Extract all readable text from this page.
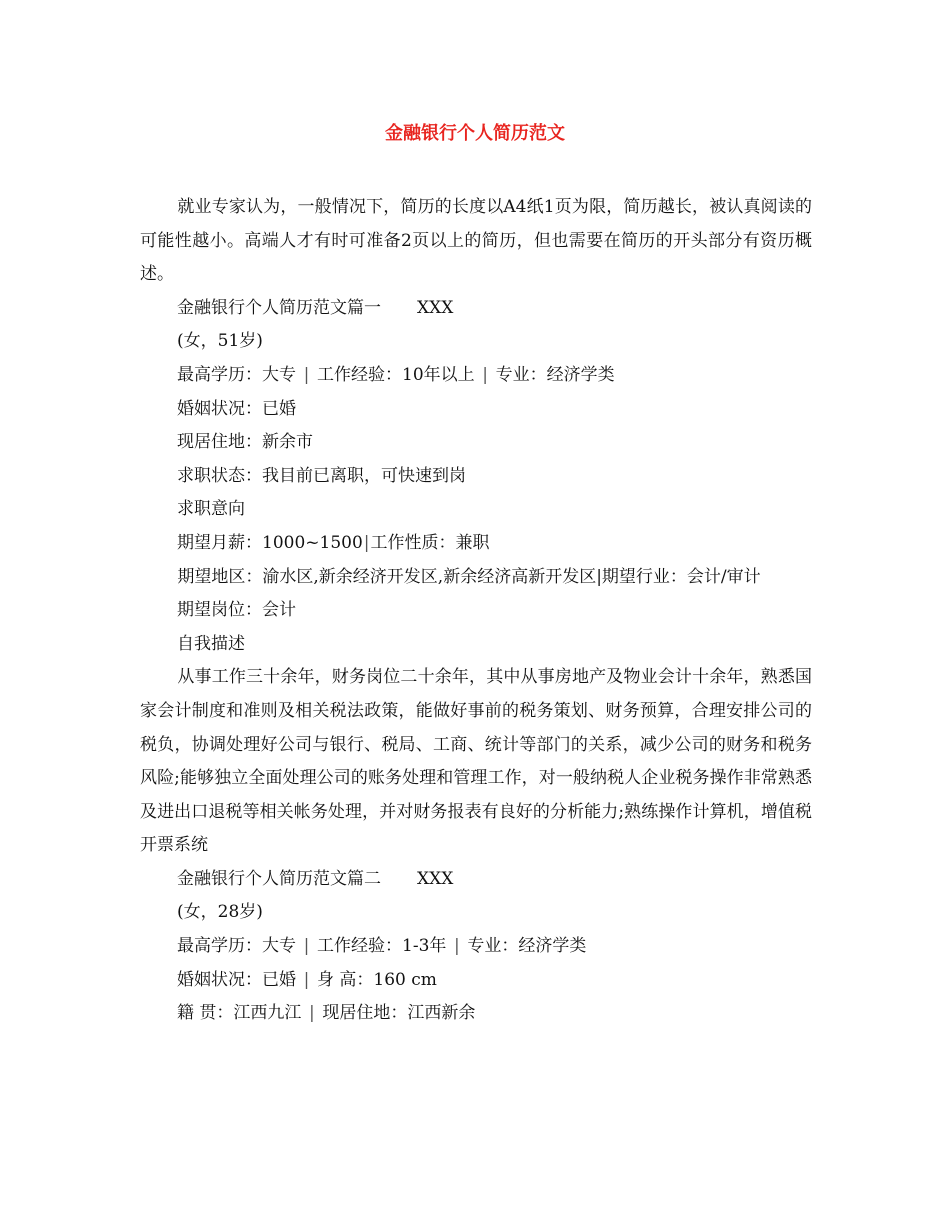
金融银行个人简历范文

就业专家认为，一般情况下，简历的长度以A4纸1页为限，简历越长，被认真阅读的可能性越小。高端人才有时可准备2页以上的简历，但也需要在简历的开头部分有资历概述。

金融银行个人简历范文篇一 XXX

(女，51岁)

最高学历：大专 | 工作经验：10年以上 | 专业：经济学类

婚姻状况：已婚

现居住地：新余市

求职状态：我目前已离职，可快速到岗

求职意向

期望月薪：1000~1500|工作性质：兼职

期望地区：渝水区,新余经济开发区,新余经济高新开发区|期望行业：会计/审计

期望岗位：会计

自我描述

从事工作三十余年，财务岗位二十余年，其中从事房地产及物业会计十余年，熟悉国家会计制度和准则及相关税法政策，能做好事前的税务策划、财务预算，合理安排公司的税负，协调处理好公司与银行、税局、工商、统计等部门的关系，减少公司的财务和税务风险;能够独立全面处理公司的账务处理和管理工作，对一般纳税人企业税务操作非常熟悉及进出口退税等相关帐务处理，并对财务报表有良好的分析能力;熟练操作计算机，增值税开票系统

金融银行个人简历范文篇二 XXX

(女，28岁)

最高学历：大专 | 工作经验：1-3年 | 专业：经济学类

婚姻状况：已婚 | 身 高：160 cm

籍 贯：江西九江 | 现居住地：江西新余
